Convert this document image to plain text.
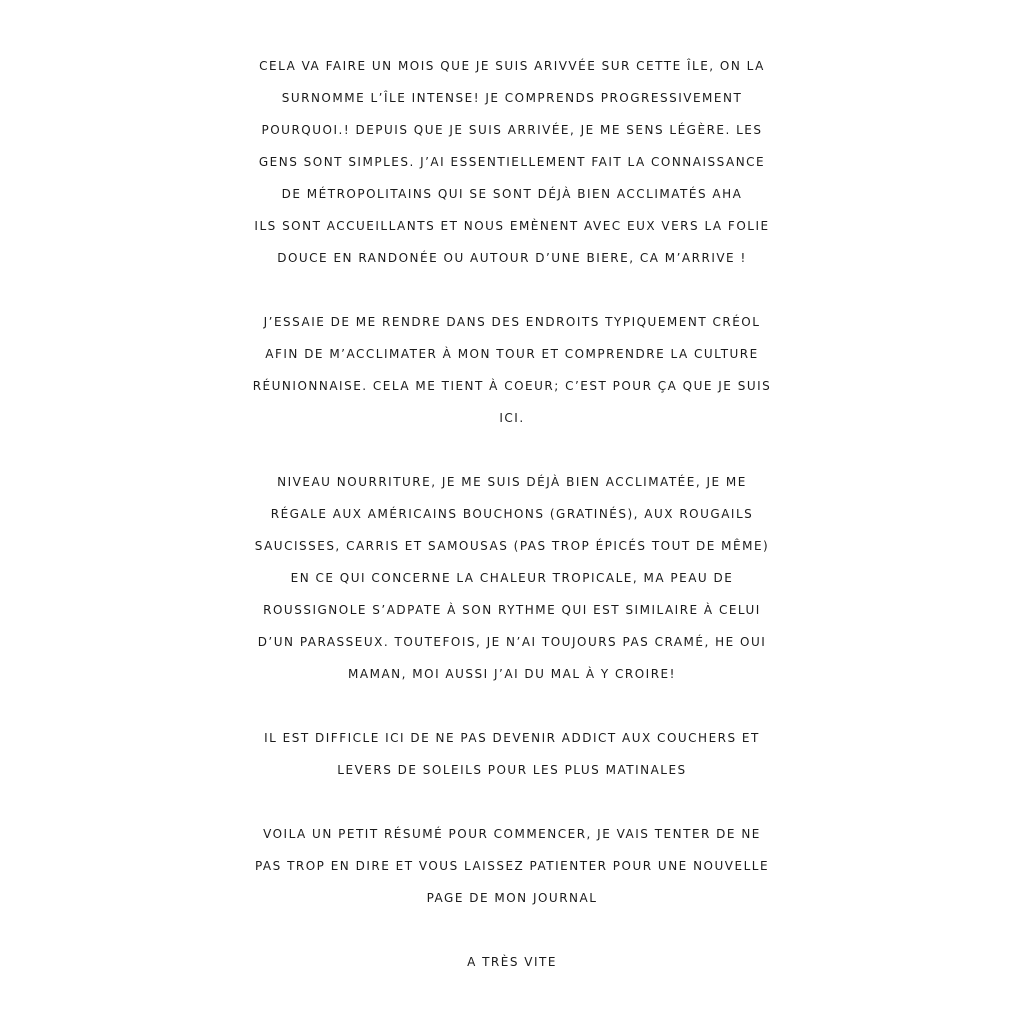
CELA VA FAIRE UN MOIS QUE JE SUIS ARIVVÉE SUR CETTE ÎLE, ON LA

SURNOMME L’ÎLE INTENSE! JE COMPRENDS PROGRESSIVEMENT

POURQUOI.! DEPUIS QUE JE SUIS ARRIVÉE, JE ME SENS LÉGÈRE. LES

GENS SONT SIMPLES. J’AI ESSENTIELLEMENT FAIT LA CONNAISSANCE

DE MÉTROPOLITAINS QUI SE SONT DÉJÀ BIEN ACCLIMATÉS AHA

ILS SONT ACCUEILLANTS ET NOUS EMÈNENT AVEC EUX VERS LA FOLIE

DOUCE EN RANDONÉE OU AUTOUR D’UNE BIERE, CA M’ARRIVE !

J’ESSAIE DE ME RENDRE DANS DES ENDROITS TYPIQUEMENT CRÉOL

AFIN DE M’ACCLIMATER À MON TOUR ET COMPRENDRE LA CULTURE

RÉUNIONNAISE. CELA ME TIENT À COEUR; C’EST POUR ÇA QUE JE SUIS

ICI.

NIVEAU NOURRITURE, JE ME SUIS DÉJÀ BIEN ACCLIMATÉE, JE ME

RÉGALE AUX AMÉRICAINS BOUCHONS (GRATINÉS), AUX ROUGAILS

SAUCISSES, CARRIS ET SAMOUSAS (PAS TROP ÉPICÉS TOUT DE MÊME)

EN CE QUI CONCERNE LA CHALEUR TROPICALE, MA PEAU DE

ROUSSIGNOLE S’ADPATE À SON RYTHME QUI EST SIMILAIRE À CELUI

D’UN PARASSEUX. TOUTEFOIS, JE N’AI TOUJOURS PAS CRAMÉ, HE OUI

MAMAN, MOI AUSSI J’AI DU MAL À Y CROIRE!

IL EST DIFFICLE ICI DE NE PAS DEVENIR ADDICT AUX COUCHERS ET

LEVERS DE SOLEILS POUR LES PLUS MATINALES

VOILA UN PETIT RÉSUMÉ POUR COMMENCER, JE VAIS TENTER DE NE

PAS TROP EN DIRE ET VOUS LAISSEZ PATIENTER POUR UNE NOUVELLE

PAGE DE MON JOURNAL

A TRÈS VITE
